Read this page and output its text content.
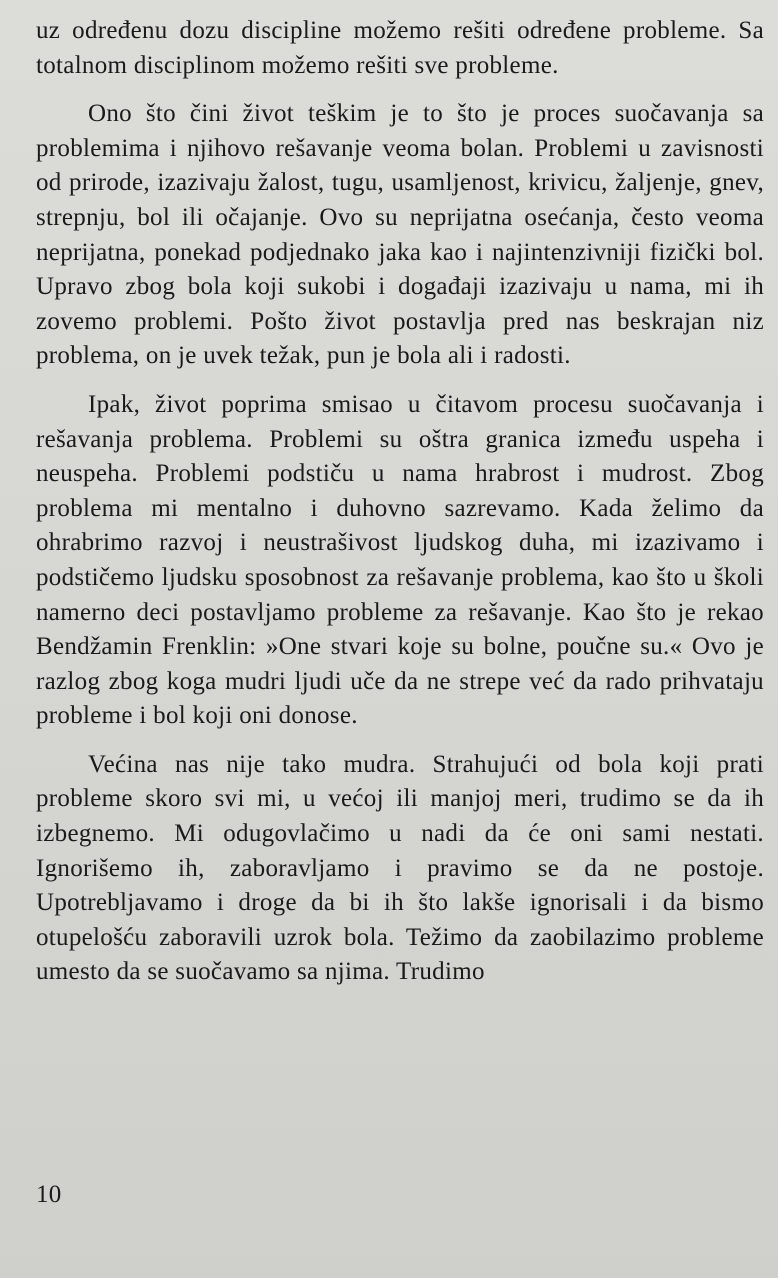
uz određenu dozu discipline možemo rešiti određene probleme. Sa totalnom disciplinom možemo rešiti sve probleme.

Ono što čini život teškim je to što je proces suočavanja sa problemima i njihovo rešavanje veoma bolan. Problemi u zavisnosti od prirode, izazivaju žalost, tugu, usamljenost, krivicu, žaljenje, gnev, strepnju, bol ili očajanje. Ovo su neprijatna osećanja, često veoma neprijatna, ponekad podjednako jaka kao i najintenzivniji fizički bol. Upravo zbog bola koji sukobi i događaji izazivaju u nama, mi ih zovemo problemi. Pošto život postavlja pred nas beskrajan niz problema, on je uvek težak, pun je bola ali i radosti.

Ipak, život poprima smisao u čitavom procesu suočavanja i rešavanja problema. Problemi su oštra granica između uspeha i neuspeha. Problemi podstiču u nama hrabrost i mudrost. Zbog problema mi mentalno i duhovno sazrevamo. Kada želimo da ohrabrimo razvoj i neustrašivost ljudskog duha, mi izazivamo i podstičemo ljudsku sposobnost za rešavanje problema, kao što u školi namerno deci postavljamo probleme za rešavanje. Kao što je rekao Bendžamin Frenklin: »One stvari koje su bolne, poučne su.« Ovo je razlog zbog koga mudri ljudi uče da ne strepe već da rado prihvataju probleme i bol koji oni donose.

Većina nas nije tako mudra. Strahujući od bola koji prati probleme skoro svi mi, u većoj ili manjoj meri, trudimo se da ih izbegnemo. Mi odugovlačimo u nadi da će oni sami nestati. Ignorišemo ih, zaboravljamo i pravimo se da ne postoje. Upotrebljavamo i droge da bi ih što lakše ignorisali i da bismo otupelošću zaboravili uzrok bola. Težimo da zaobilazimo probleme umesto da se suočavamo sa njima. Trudimo

10
